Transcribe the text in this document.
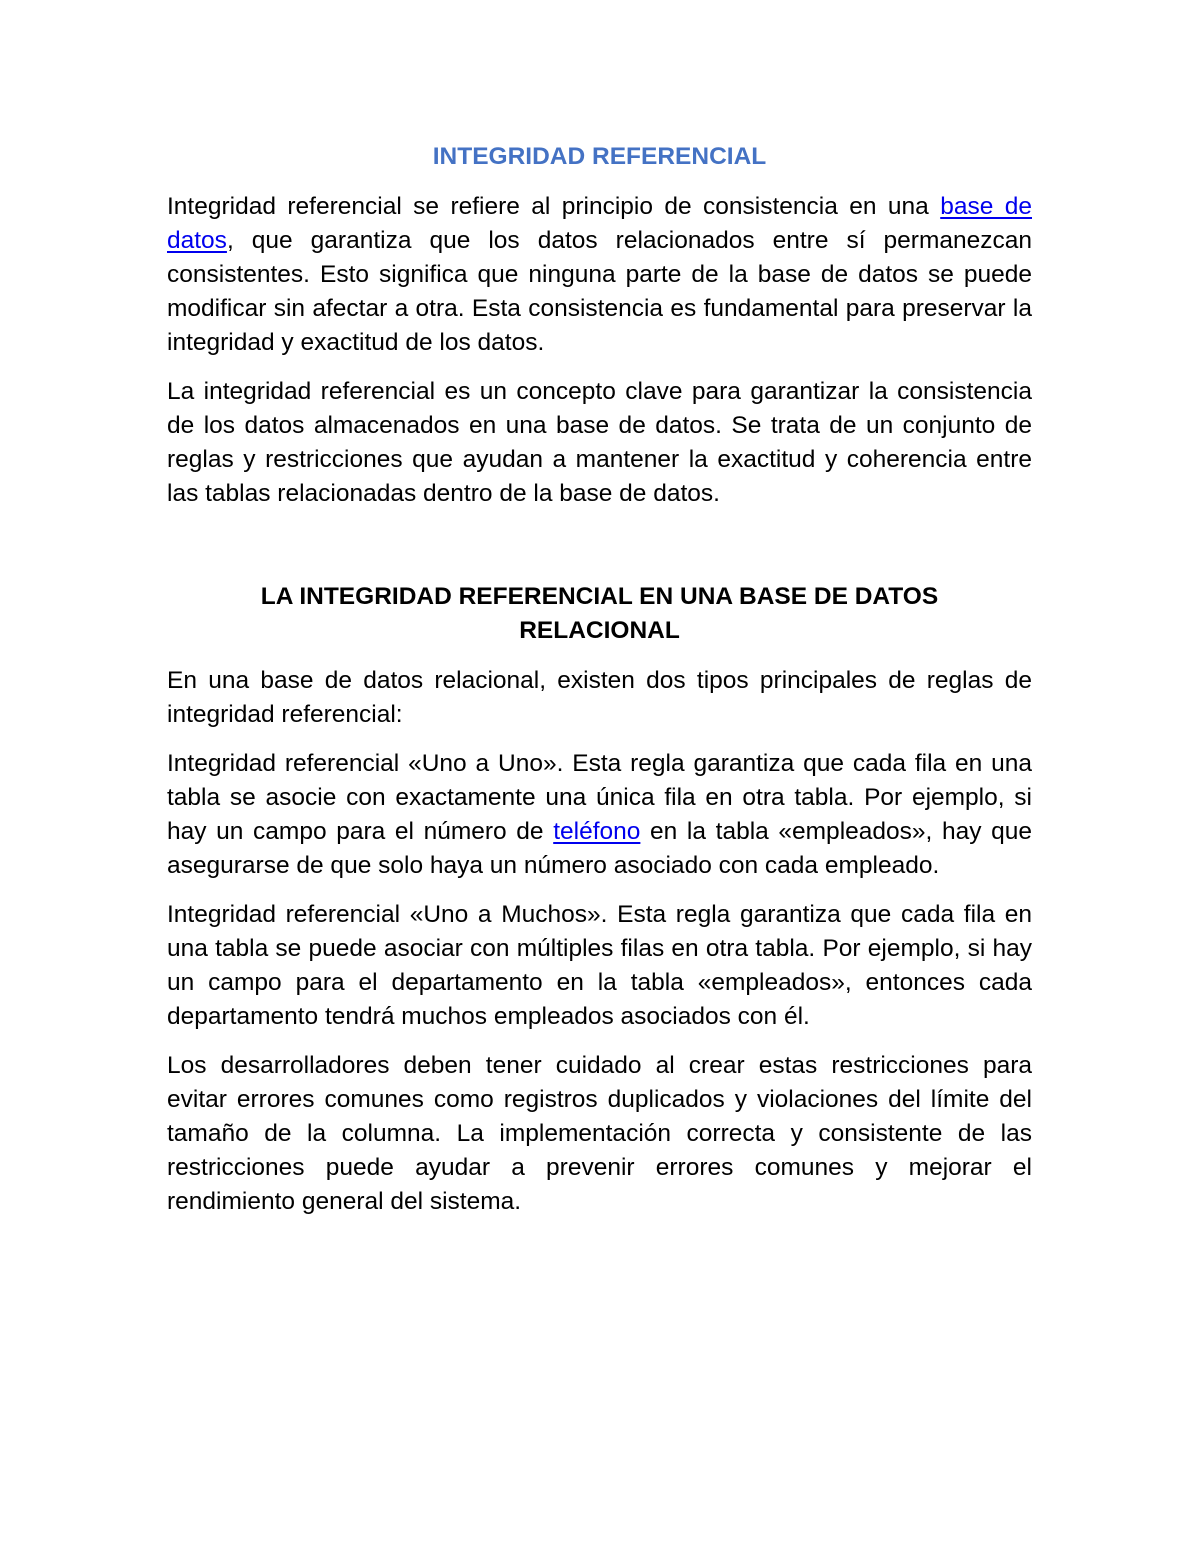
INTEGRIDAD REFERENCIAL

Integridad referencial se refiere al principio de consistencia en una base de datos, que garantiza que los datos relacionados entre sí permanezcan consistentes. Esto significa que ninguna parte de la base de datos se puede modificar sin afectar a otra. Esta consistencia es fundamental para preservar la integridad y exactitud de los datos.

La integridad referencial es un concepto clave para garantizar la consistencia de los datos almacenados en una base de datos. Se trata de un conjunto de reglas y restricciones que ayudan a mantener la exactitud y coherencia entre las tablas relacionadas dentro de la base de datos.

LA INTEGRIDAD REFERENCIAL EN UNA BASE DE DATOS RELACIONAL

En una base de datos relacional, existen dos tipos principales de reglas de integridad referencial:

Integridad referencial «Uno a Uno». Esta regla garantiza que cada fila en una tabla se asocie con exactamente una única fila en otra tabla. Por ejemplo, si hay un campo para el número de teléfono en la tabla «empleados», hay que asegurarse de que solo haya un número asociado con cada empleado.

Integridad referencial «Uno a Muchos». Esta regla garantiza que cada fila en una tabla se puede asociar con múltiples filas en otra tabla. Por ejemplo, si hay un campo para el departamento en la tabla «empleados», entonces cada departamento tendrá muchos empleados asociados con él.

Los desarrolladores deben tener cuidado al crear estas restricciones para evitar errores comunes como registros duplicados y violaciones del límite del tamaño de la columna. La implementación correcta y consistente de las restricciones puede ayudar a prevenir errores comunes y mejorar el rendimiento general del sistema.
